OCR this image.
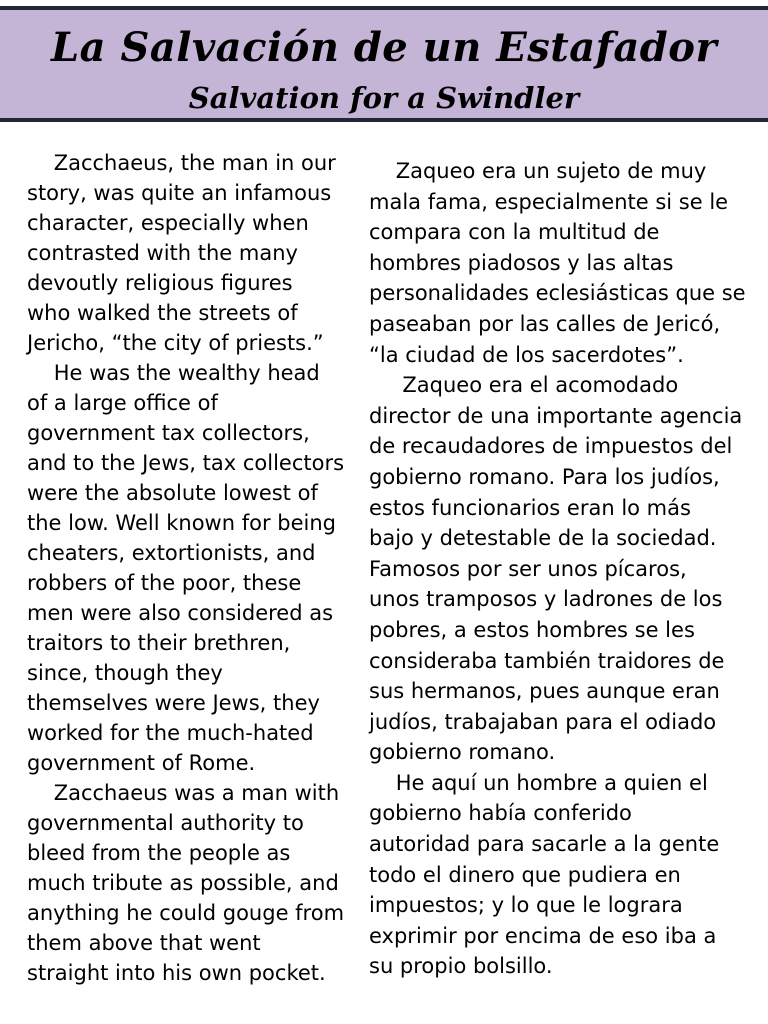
La Salvación de un Estafador
Salvation for a Swindler
Zacchaeus, the man in our
story, was quite an infamous
character, especially when
contrasted with the many
devoutly religious figures
who walked the streets of
Jericho, “the city of priests.”
He was the wealthy head
of a large office of
government tax collectors,
and to the Jews, tax collectors
were the absolute lowest of
the low. Well known for being
cheaters, extortionists, and
robbers of the poor, these
men were also considered as
traitors to their brethren,
since, though they
themselves were Jews, they
worked for the much-hated
government of Rome.
Zacchaeus was a man with
governmental authority to
bleed from the people as
much tribute as possible, and
anything he could gouge from
them above that went
straight into his own pocket.
Zaqueo era un sujeto de muy
mala fama, especialmente si se le
compara con la multitud de
hombres piadosos y las altas
personalidades eclesiásticas que se
paseaban por las calles de Jericó,
“la ciudad de los sacerdotes”.
Zaqueo era el acomodado
director de una importante agencia
de recaudadores de impuestos del
gobierno romano. Para los judíos,
estos funcionarios eran lo más
bajo y detestable de la sociedad.
Famosos por ser unos pícaros,
unos tramposos y ladrones de los
pobres, a estos hombres se les
consideraba también traidores de
sus hermanos, pues aunque eran
judíos, trabajaban para el odiado
gobierno romano.
He aquí un hombre a quien el
gobierno había conferido
autoridad para sacarle a la gente
todo el dinero que pudiera en
impuestos; y lo que le lograra
exprimir por encima de eso iba a
su propio bolsillo.
